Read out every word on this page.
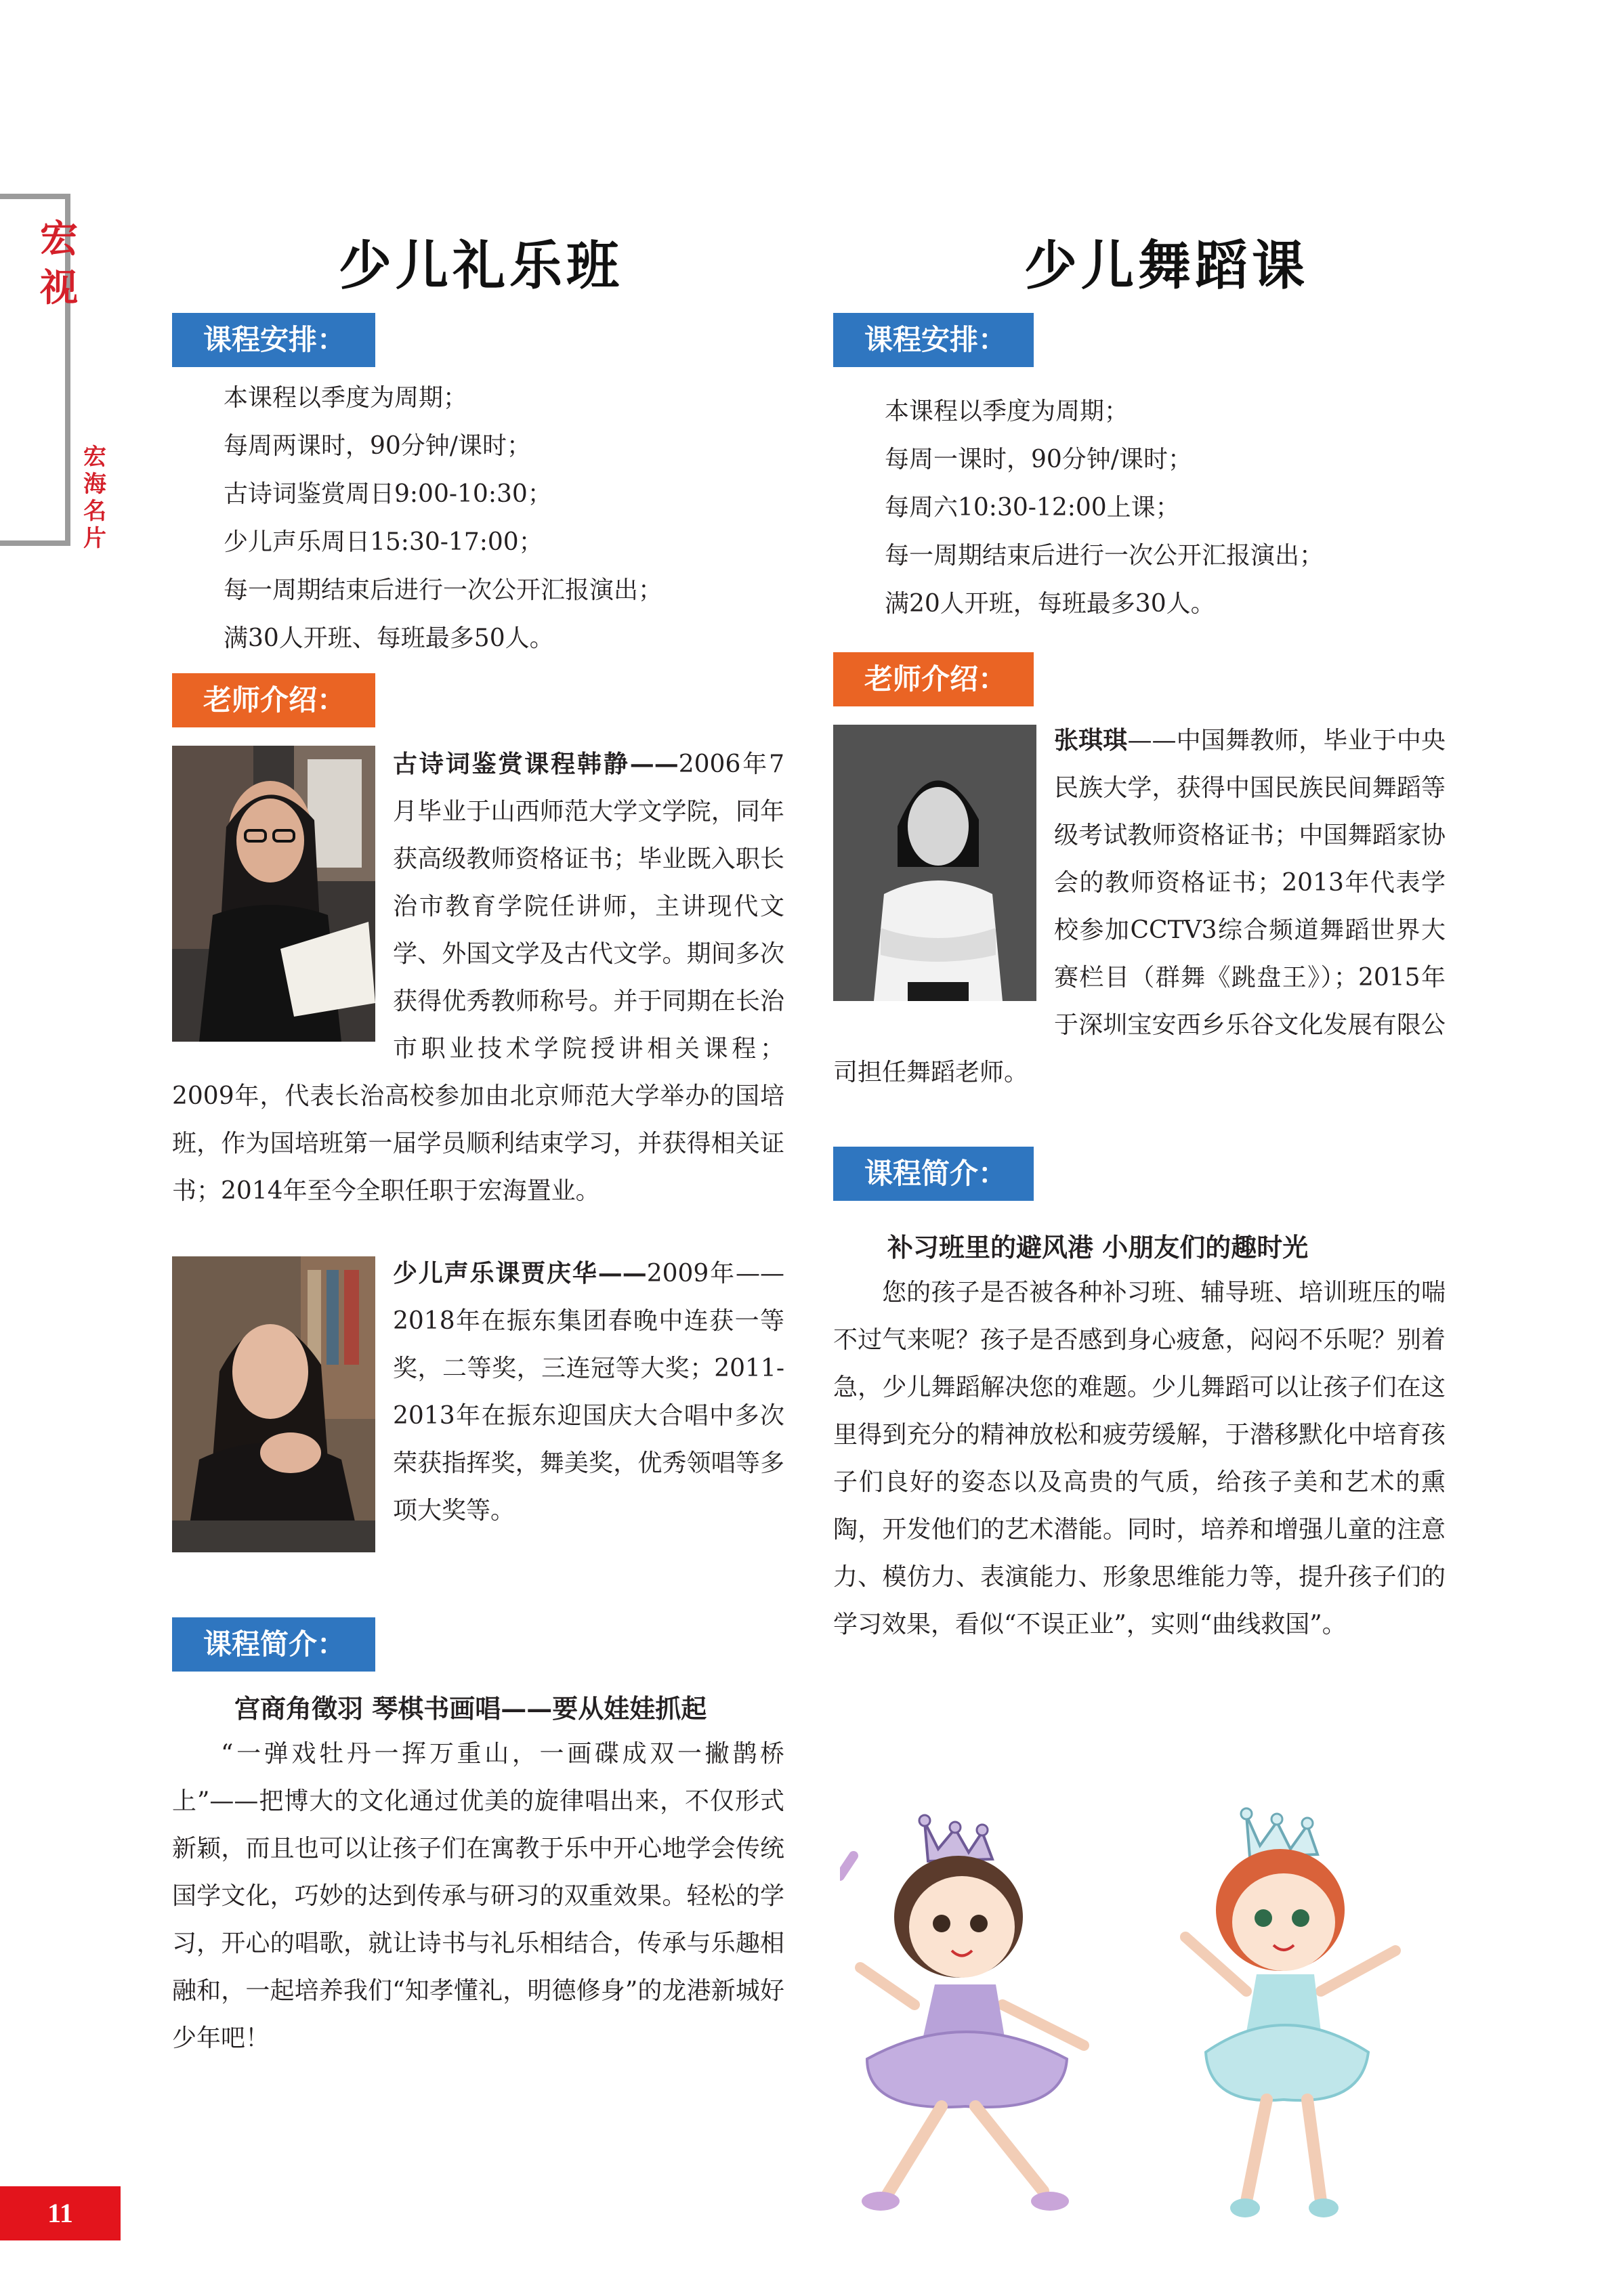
宏视
宏海名片
少儿礼乐班
课程安排：
本课程以季度为周期；
每周两课时，90分钟/课时；
古诗词鉴赏周日9:00-10:30；
少儿声乐周日15:30-17:00；
每一周期结束后进行一次公开汇报演出；
满30人开班、每班最多50人。
老师介绍：
古诗词鉴赏课程韩静——2006年7月毕业于山西师范大学文学院，同年获高级教师资格证书；毕业既入职长治市教育学院任讲师，主讲现代文学、外国文学及古代文学。期间多次获得优秀教师称号。并于同期在长治市职业技术学院授讲相关课程；2009年，代表长治高校参加由北京师范大学举办的国培班，作为国培班第一届学员顺利结束学习，并获得相关证书；2014年至今全职任职于宏海置业。
少儿声乐课贾庆华——2009年——2018年在振东集团春晚中连获一等奖，二等奖，三连冠等大奖；2011-2013年在振东迎国庆大合唱中多次荣获指挥奖，舞美奖，优秀领唱等多项大奖等。
课程简介：
宫商角徵羽 琴棋书画唱——要从娃娃抓起
“一弹戏牡丹一挥万重山，一画碟成双一撇鹊桥上”——把博大的文化通过优美的旋律唱出来，不仅形式新颖，而且也可以让孩子们在寓教于乐中开心地学会传统国学文化，巧妙的达到传承与研习的双重效果。轻松的学习，开心的唱歌，就让诗书与礼乐相结合，传承与乐趣相融和，一起培养我们“知孝懂礼，明德修身”的龙港新城好少年吧！
少儿舞蹈课
课程安排：
本课程以季度为周期；
每周一课时，90分钟/课时；
每周六10:30-12:00上课；
每一周期结束后进行一次公开汇报演出；
满20人开班，每班最多30人。
老师介绍：
张琪琪——中国舞教师，毕业于中央民族大学，获得中国民族民间舞蹈等级考试教师资格证书；中国舞蹈家协会的教师资格证书；2013年代表学校参加CCTV3综合频道舞蹈世界大赛栏目（群舞《跳盘王》）；2015年于深圳宝安西乡乐谷文化发展有限公司担任舞蹈老师。
课程简介：
补习班里的避风港 小朋友们的趣时光
您的孩子是否被各种补习班、辅导班、培训班压的喘不过气来呢？孩子是否感到身心疲惫，闷闷不乐呢？别着急，少儿舞蹈解决您的难题。少儿舞蹈可以让孩子们在这里得到充分的精神放松和疲劳缓解，于潜移默化中培育孩子们良好的姿态以及高贵的气质，给孩子美和艺术的熏陶，开发他们的艺术潜能。同时，培养和增强儿童的注意力、模仿力、表演能力、形象思维能力等，提升孩子们的学习效果，看似“不误正业”，实则“曲线救国”。
11
